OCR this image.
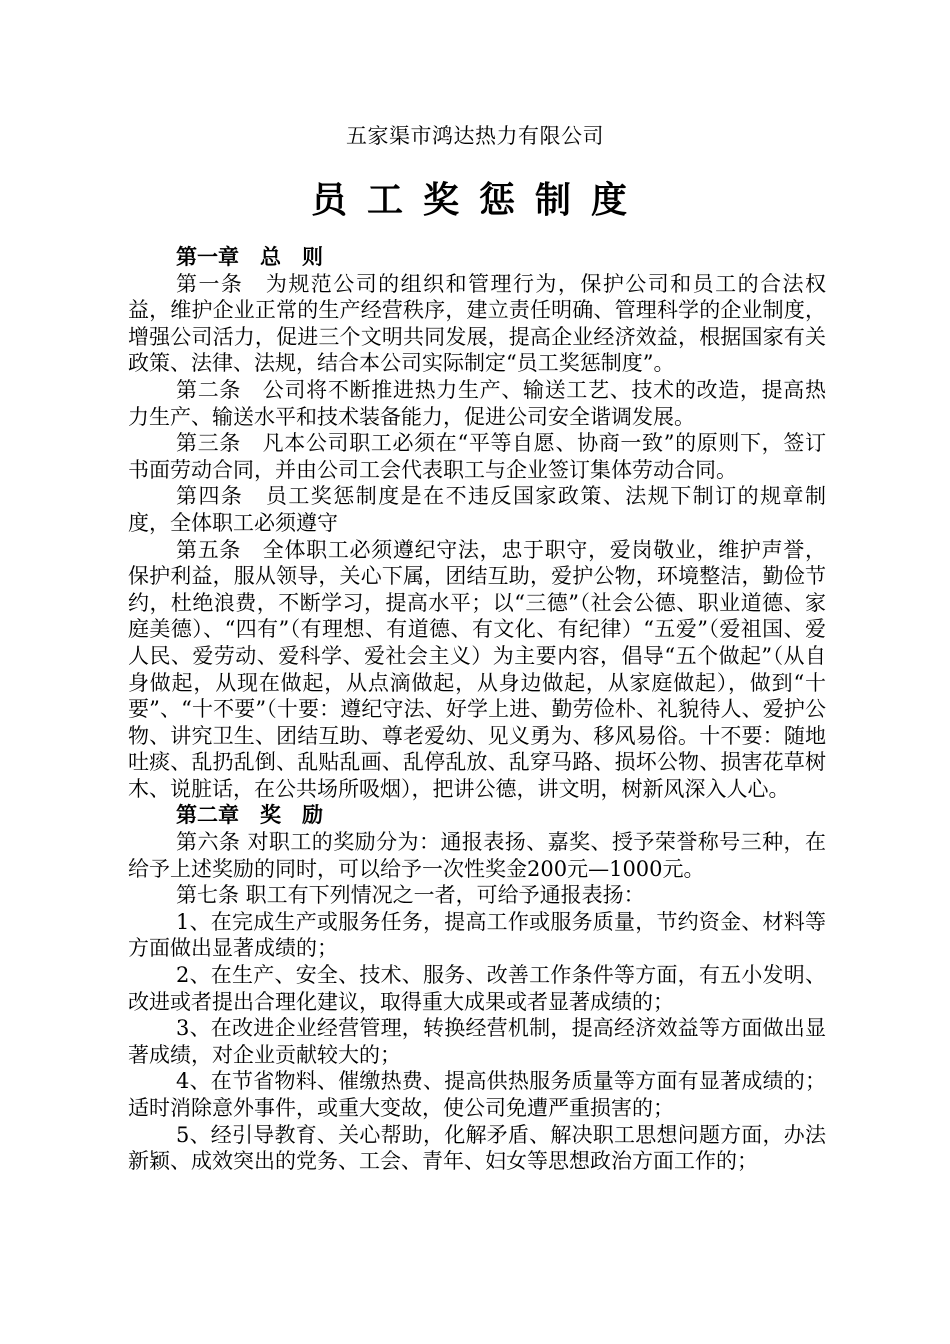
五家渠市鸿达热力有限公司
员工奖惩制度

第一章　总　则

第一条　为规范公司的组织和管理行为，保护公司和员工的合法权益，维护企业正常的生产经营秩序，建立责任明确、管理科学的企业制度，增强公司活力，促进三个文明共同发展，提高企业经济效益，根据国家有关政策、法律、法规，结合本公司实际制定“员工奖惩制度”。

第二条　公司将不断推进热力生产、输送工艺、技术的改造，提高热力生产、输送水平和技术装备能力，促进公司安全谐调发展。

第三条　凡本公司职工必须在“平等自愿、协商一致”的原则下，签订书面劳动合同，并由公司工会代表职工与企业签订集体劳动合同。

第四条　员工奖惩制度是在不违反国家政策、法规下制订的规章制度，全体职工必须遵守

第五条　全体职工必须遵纪守法，忠于职守，爱岗敬业，维护声誉，保护利益，服从领导，关心下属，团结互助，爱护公物，环境整洁，勤俭节约，杜绝浪费，不断学习，提高水平；以“三德”（社会公德、职业道德、家庭美德）、“四有”（有理想、有道德、有文化、有纪律）“五爱”（爱祖国、爱人民、爱劳动、爱科学、爱社会主义）为主要内容，倡导“五个做起”（从自身做起，从现在做起，从点滴做起，从身边做起，从家庭做起），做到“十要”、“十不要”（十要：遵纪守法、好学上进、勤劳俭朴、礼貌待人、爱护公物、讲究卫生、团结互助、尊老爱幼、见义勇为、移风易俗。十不要：随地吐痰、乱扔乱倒、乱贴乱画、乱停乱放、乱穿马路、损坏公物、损害花草树木、说脏话，在公共场所吸烟），把讲公德，讲文明，树新风深入人心。

第二章　奖　励

第六条 对职工的奖励分为：通报表扬、嘉奖、授予荣誉称号三种，在给予上述奖励的同时，可以给予一次性奖金200元—1000元。

第七条 职工有下列情况之一者，可给予通报表扬：

1、在完成生产或服务任务，提高工作或服务质量，节约资金、材料等方面做出显著成绩的；

2、在生产、安全、技术、服务、改善工作条件等方面，有五小发明、改进或者提出合理化建议，取得重大成果或者显著成绩的；

3、在改进企业经营管理，转换经营机制，提高经济效益等方面做出显著成绩，对企业贡献较大的；

4、在节省物料、催缴热费、提高供热服务质量等方面有显著成绩的；适时消除意外事件，或重大变故，使公司免遭严重损害的；

5、经引导教育、关心帮助，化解矛盾、解决职工思想问题方面，办法新颖、成效突出的党务、工会、青年、妇女等思想政治方面工作的；
